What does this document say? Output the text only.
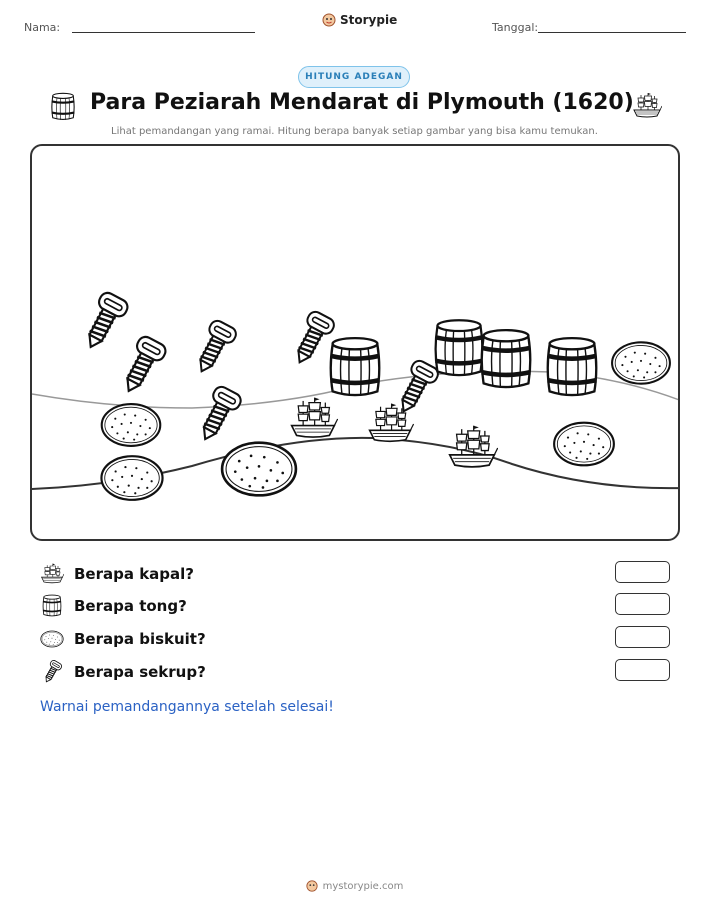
Nama:
Storypie
Tanggal:
HITUNG ADEGAN
Para Peziarah Mendarat di Plymouth (1620)
Lihat pemandangan yang ramai. Hitung berapa banyak setiap gambar yang bisa kamu temukan.
Berapa kapal?
Berapa tong?
Berapa biskuit?
Berapa sekrup?
Warnai pemandangannya setelah selesai!
mystorypie.com
